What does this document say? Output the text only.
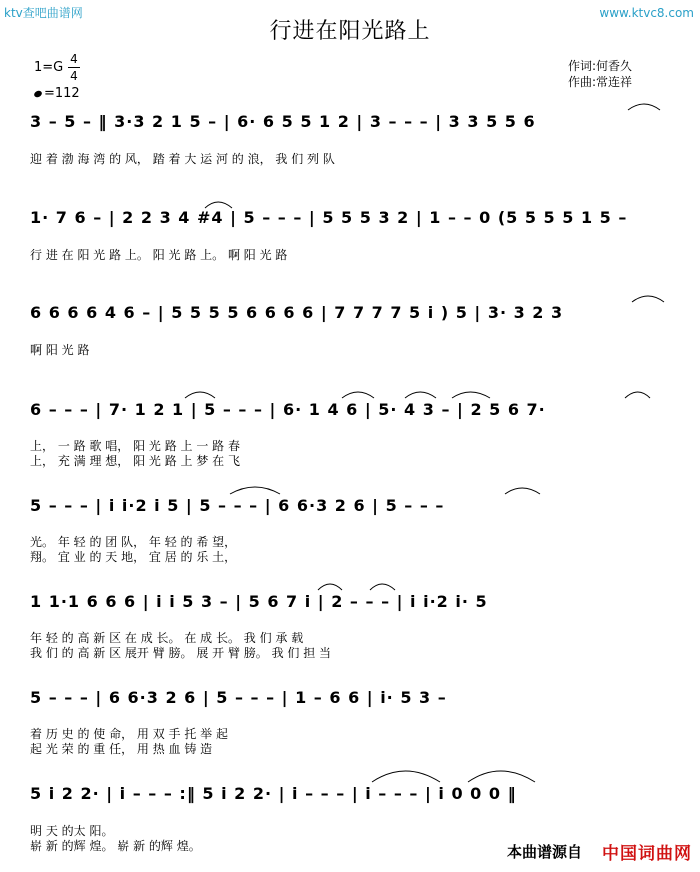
ktv查吧曲谱网	www.ktvc8.com
行进在阳光路上
1=G
4
4
=112
作词:何香久
作曲:常连祥
3 – 5 – ‖ 3·3 2 1 5 – | 6· 6 5 5 1 2 | 3 – – – | 3 3 5 5 6
迎 着 渤 海 湾 的 风， 踏 着 大 运 河 的 浪， 我 们 列 队
1· 7 6 – | 2 2 3 4 #4 | 5 – – – | 5 5 5 3 2 | 1 – – 0 (5 5 5 5 1 5 –
行 进 在 阳 光 路 上。 阳 光 路 上。 啊 阳 光 路
6 6 6 6 4 6 – | 5 5 5 5 6 6 6 6 | 7 7 7 7 5 i ) 5 | 3· 3 2 3
啊 阳 光 路
6 – – – | 7· 1 2 1 | 5 – – – | 6· 1 4 6 | 5· 4 3 – | 2 5 6 7·
上， 一 路 歌 唱， 阳 光 路 上 一 路 春
上， 充 满 理 想， 阳 光 路 上 梦 在 飞
5 – – – | i i·2 i 5 | 5 – – – | 6 6·3 2 6 | 5 – – –
光。 年 轻 的 团 队， 年 轻 的 希 望，
翔。 宜 业 的 天 地， 宜 居 的 乐 土，
1 1·1 6 6 6 | i i 5 3 – | 5 6 7 i | 2 – – – | i i·2 i· 5
年 轻 的 高 新 区 在 成 长。 在 成 长。 我 们 承 载
我 们 的 高 新 区 展开 臂 膀。 展 开 臂 膀。 我 们 担 当
5 – – – | 6 6·3 2 6 | 5 – – – | 1 – 6 6 | i· 5 3 –
着 历 史 的 使 命， 用 双 手 托 举 起
起 光 荣 的 重 任， 用 热 血 铸 造
5 i 2 2· | i – – – :‖ 5 i 2 2· | i – – – | i – – – | i 0 0 0 ‖
明 天 的太 阳。
崭 新 的辉 煌。 崭 新 的辉 煌。	本曲谱源自 中国词曲网
